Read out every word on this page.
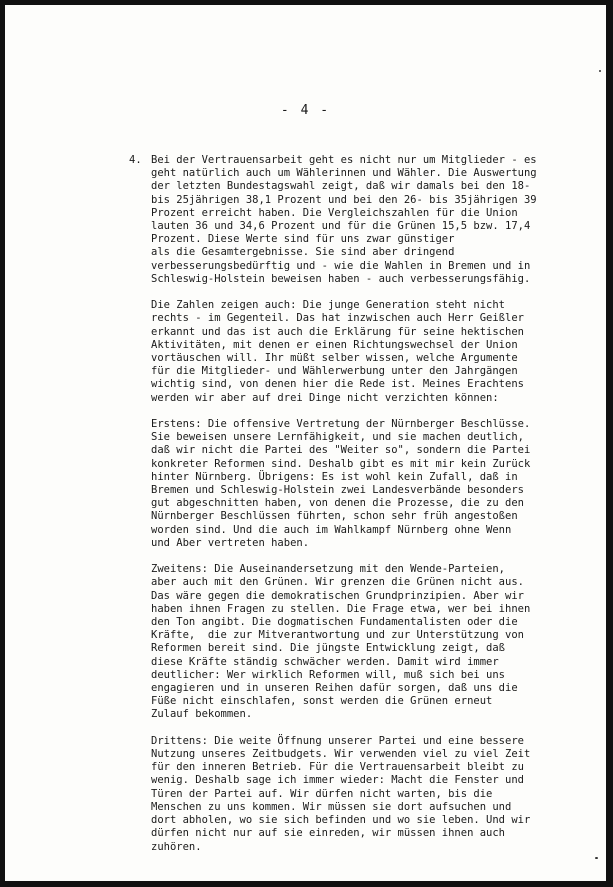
- 4 -
4. Bei der Vertrauensarbeit geht es nicht nur um Mitglieder - es
geht natürlich auch um Wählerinnen und Wähler. Die Auswertung
der letzten Bundestagswahl zeigt, daß wir damals bei den 18-
bis 25jährigen 38,1 Prozent und bei den 26- bis 35jährigen 39
Prozent erreicht haben. Die Vergleichszahlen für die Union
lauten 36 und 34,6 Prozent und für die Grünen 15,5 bzw. 17,4
Prozent. Diese Werte sind für uns zwar günstiger
als die Gesamtergebnisse. Sie sind aber dringend
verbesserungsbedürftig und - wie die Wahlen in Bremen und in
Schleswig-Holstein beweisen haben - auch verbesserungsfähig.
Die Zahlen zeigen auch: Die junge Generation steht nicht
rechts - im Gegenteil. Das hat inzwischen auch Herr Geißler
erkannt und das ist auch die Erklärung für seine hektischen
Aktivitäten, mit denen er einen Richtungswechsel der Union
vortäuschen will. Ihr müßt selber wissen, welche Argumente
für die Mitglieder- und Wählerwerbung unter den Jahrgängen
wichtig sind, von denen hier die Rede ist. Meines Erachtens
werden wir aber auf drei Dinge nicht verzichten können:
Erstens: Die offensive Vertretung der Nürnberger Beschlüsse.
Sie beweisen unsere Lernfähigkeit, und sie machen deutlich,
daß wir nicht die Partei des "Weiter so", sondern die Partei
konkreter Reformen sind. Deshalb gibt es mit mir kein Zurück
hinter Nürnberg. Übrigens: Es ist wohl kein Zufall, daß in
Bremen und Schleswig-Holstein zwei Landesverbände besonders
gut abgeschnitten haben, von denen die Prozesse, die zu den
Nürnberger Beschlüssen führten, schon sehr früh angestoßen
worden sind. Und die auch im Wahlkampf Nürnberg ohne Wenn
und Aber vertreten haben.
Zweitens: Die Auseinandersetzung mit den Wende-Parteien,
aber auch mit den Grünen. Wir grenzen die Grünen nicht aus.
Das wäre gegen die demokratischen Grundprinzipien. Aber wir
haben ihnen Fragen zu stellen. Die Frage etwa, wer bei ihnen
den Ton angibt. Die dogmatischen Fundamentalisten oder die
Kräfte,  die zur Mitverantwortung und zur Unterstützung von
Reformen bereit sind. Die jüngste Entwicklung zeigt, daß
diese Kräfte ständig schwächer werden. Damit wird immer
deutlicher: Wer wirklich Reformen will, muß sich bei uns
engagieren und in unseren Reihen dafür sorgen, daß uns die
Füße nicht einschlafen, sonst werden die Grünen erneut
Zulauf bekommen.
Drittens: Die weite Öffnung unserer Partei und eine bessere
Nutzung unseres Zeitbudgets. Wir verwenden viel zu viel Zeit
für den inneren Betrieb. Für die Vertrauensarbeit bleibt zu
wenig. Deshalb sage ich immer wieder: Macht die Fenster und
Türen der Partei auf. Wir dürfen nicht warten, bis die
Menschen zu uns kommen. Wir müssen sie dort aufsuchen und
dort abholen, wo sie sich befinden und wo sie leben. Und wir
dürfen nicht nur auf sie einreden, wir müssen ihnen auch
zuhören.
